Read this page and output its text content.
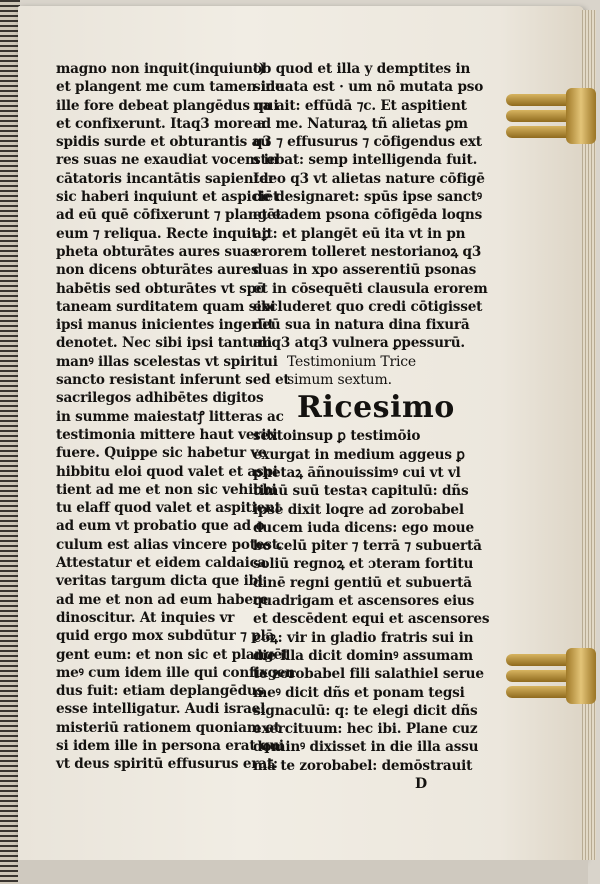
magno non inquit(inquiunt)
et plangent me cum tamen ide
ille fore debeat plangēdus qui
et confixerunt. Itaq3 more a
spidis surde et obturantis au
res suas ne exaudiat vocem in
cātatoris incantātis sapienter
sic haberi inquiunt et aspiciēt
ad eū quē cōfixerunt ⁊ plangēt
eum ⁊ reliqua. Recte inquit ꝑ
pheta obturātes aures suas
non dicens obturātes aures
habētis sed obturātes vt spō
taneam surditatem quam sibi
ipsi manus inicientes ingerūt
denotet. Nec sibi ipsi tantum
manꝰ illas scelestas vt spiritui
sancto resistant inferunt sed et
sacrilegos adhibētes digitos
in summe maiestatꝭ litteras ac
testimonia mittere haut veriti
fuere. Quippe sic habetur ve
hibbitu eloi quod valet et aspi
tient ad me et non sic vehibbi
tu elaff quod valet et aspitient
ad eum vt probatio que ad o
culum est alias vincere potest.
Attestatur et eidem caldaica
veritas targum dicta que ibi
ad me et non ad eum habere
dinoscitur. At inquies vr
quid ergo mox subdūtur ⁊ plā
gent eum: et non sic et plangēt
meꝰ cum idem ille qui confixgen
dus fuit: etiam deplangēdus
esse intelligatur. Audi israel
misteriū rationem quoniam et
si idem ille in persona erat qui
vt deus spiritū effusurus erat:
ob quod et illa y demptites in
sinuata est · um nō mutata pso
na ait: effūdā ⁊c. Et aspitient
ad me. Naturaꝝ tñ alietas ꝑm
q3 ⁊ effusurus ⁊ cōfigendus ext
stebat: semp intelligenda fuit.
Ideo q3 vt alietas nature cōfigē
de designaret: spūs ipse sanctꝰ
et eadem psona cōfigēda loqns
ait: et plangēt eū ita vt in pn
erorem tolleret nestorianoꝝ q3
duas in xpo asserentiū psonas
et in cōsequēti clausula erorem
excluderet quo credi cōtigisset
deū sua in natura dina fixurā
aliq3 atq3 vulnera ꝑpessurū.
Testimonium Trice
simum sextum.
Ricesimo
sextoinsup ꝑ testimōio
exurgat in medium aggeus ꝑ
phetaꝝ āñnouissimꝰ cui vt vl
timū suū testaꝛ capitulū: dñs
ipse dixit loqre ad zorobabel
ducem iuda dicens: ego moue
bo celū piter ⁊ terrā ⁊ subuertā
soliū regnoꝝ et ɔteram fortitu
dinē regni gentiū et subuertā
quadrigam et ascensores eius
et descēdent equi et ascensores
coꝝ: vir in gladio fratris sui in
die illa dicit dominꝰ assumam
te zorobabel fili salathiel serue
meꝰ dicit dñs et ponam tegsi
signaculū: q: te elegi dicit dñs
exercituum: hec ibi. Plane cuz
dominꝰ dixisset in die illa assu
mā te zorobabel: demōstrauit
D
